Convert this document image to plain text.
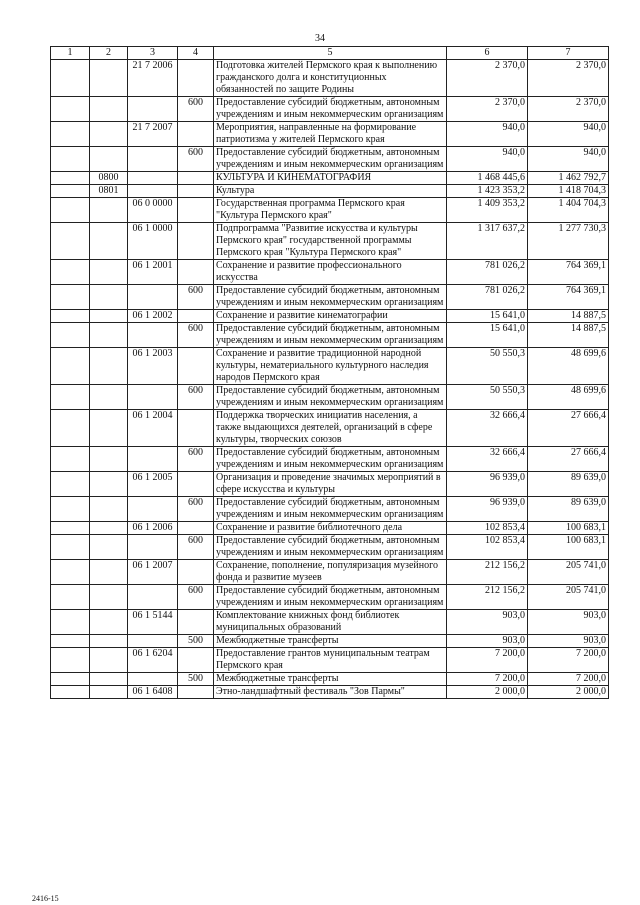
34
1	2	3	4	5	6	7
		21 7 2006		Подготовка жителей Пермского края к выполнению гражданского долга и конституционных обязанностей по защите Родины	2 370,0	2 370,0
			600	Предоставление субсидий бюджетным, автономным учреждениям и иным некоммерческим организациям	2 370,0	2 370,0
		21 7 2007		Мероприятия, направленные на формирование патриотизма у жителей Пермского края	940,0	940,0
			600	Предоставление субсидий бюджетным, автономным учреждениям и иным некоммерческим организациям	940,0	940,0
	0800			КУЛЬТУРА И КИНЕМАТОГРАФИЯ	1 468 445,6	1 462 792,7
	0801			Культура	1 423 353,2	1 418 704,3
		06 0 0000		Государственная программа Пермского края "Культура Пермского края"	1 409 353,2	1 404 704,3
		06 1 0000		Подпрограмма "Развитие искусства и культуры Пермского края" государственной программы Пермского края "Культура Пермского края"	1 317 637,2	1 277 730,3
		06 1 2001		Сохранение и развитие профессионального искусства	781 026,2	764 369,1
			600	Предоставление субсидий бюджетным, автономным учреждениям и иным некоммерческим организациям	781 026,2	764 369,1
		06 1 2002		Сохранение и развитие кинематографии	15 641,0	14 887,5
			600	Предоставление субсидий бюджетным, автономным учреждениям и иным некоммерческим организациям	15 641,0	14 887,5
		06 1 2003		Сохранение и развитие традиционной народной культуры, нематериального культурного наследия народов Пермского края	50 550,3	48 699,6
			600	Предоставление субсидий бюджетным, автономным учреждениям и иным некоммерческим организациям	50 550,3	48 699,6
		06 1 2004		Поддержка творческих инициатив населения, а также выдающихся деятелей, организаций в сфере культуры, творческих союзов	32 666,4	27 666,4
			600	Предоставление субсидий бюджетным, автономным учреждениям и иным некоммерческим организациям	32 666,4	27 666,4
		06 1 2005		Организация и проведение значимых мероприятий в сфере искусства и культуры	96 939,0	89 639,0
			600	Предоставление субсидий бюджетным, автономным учреждениям и иным некоммерческим организациям	96 939,0	89 639,0
		06 1 2006		Сохранение и развитие библиотечного дела	102 853,4	100 683,1
			600	Предоставление субсидий бюджетным, автономным учреждениям и иным некоммерческим организациям	102 853,4	100 683,1
		06 1 2007		Сохранение, пополнение, популяризация музейного фонда и развитие музеев	212 156,2	205 741,0
			600	Предоставление субсидий бюджетным, автономным учреждениям и иным некоммерческим организациям	212 156,2	205 741,0
		06 1 5144		Комплектование книжных фонд библиотек муниципальных образований	903,0	903,0
			500	Межбюджетные трансферты	903,0	903,0
		06 1 6204		Предоставление грантов муниципальным театрам Пермского края	7 200,0	7 200,0
			500	Межбюджетные трансферты	7 200,0	7 200,0
		06 1 6408		Этно-ландшафтный фестиваль "Зов Пармы"	2 000,0	2 000,0
2416-15
